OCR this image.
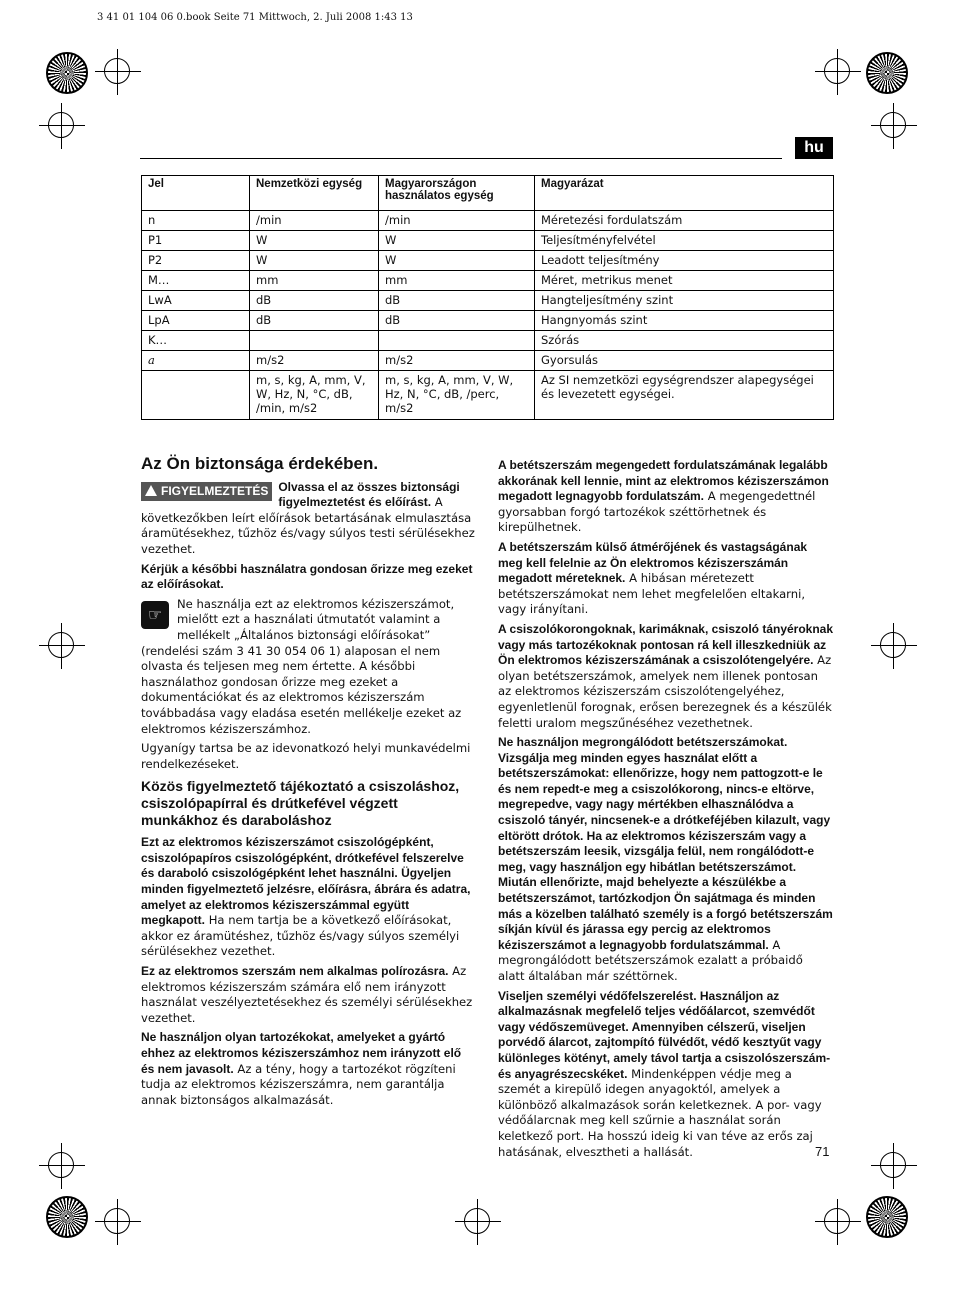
3 41 01 104 06 0.book Seite 71 Mittwoch, 2. Juli 2008 1:43 13
hu
Jel	Nemzetközi egység	Magyarországon használatos egység	Magyarázat
n	/min	/min	Méretezési fordulatszám
P1	W	W	Teljesítményfelvétel
P2	W	W	Leadott teljesítmény
M…	mm	mm	Méret, metrikus menet
LwA	dB	dB	Hangteljesítmény szint
LpA	dB	dB	Hangnyomás szint
K…			Szórás
a	m/s2	m/s2	Gyorsulás
	m, s, kg, A, mm, V, W, Hz, N, °C, dB, /min, m/s2	m, s, kg, A, mm, V, W, Hz, N, °C, dB, /perc, m/s2	Az SI nemzetközi egységrendszer alapegységei és levezetett egységei.
Az Ön biztonsága érdekében.

FIGYELMEZTETÉS Olvassa el az összes biztonsági figyelmeztetést és előírást. A következőkben leírt előírások betartásának elmulasztása áramütésekhez, tűzhöz és/vagy súlyos testi sérülésekhez vezethet.

Kérjük a későbbi használatra gondosan őrizze meg ezeket az előírásokat.

☞
Ne használja ezt az elektromos kéziszerszámot, mielőtt ezt a használati útmutatót valamint a mellékelt „Általános biztonsági előírásokat” (rendelési szám 3 41 30 054 06 1) alaposan el nem olvasta és teljesen meg nem értette. A későbbi használathoz gondosan őrizze meg ezeket a dokumentációkat és az elektromos kéziszerszám továbbadása vagy eladása esetén mellékelje ezeket az elektromos kéziszerszámhoz.

Ugyanígy tartsa be az idevonatkozó helyi munkavédelmi rendelkezéseket.

Közös figyelmeztető tájékoztató a csiszoláshoz, csiszolópapírral és drútkefével végzett munkákhoz és daraboláshoz

Ezt az elektromos kéziszerszámot csiszológépként, csiszolópapíros csiszológépként, drótkefével felszerelve és daraboló csiszológépként lehet használni. Ügyeljen minden figyelmeztető jelzésre, előírásra, ábrára és adatra, amelyet az elektromos kéziszerszámmal együtt megkapott. Ha nem tartja be a következő előírásokat, akkor ez áramütéshez, tűzhöz és/vagy súlyos személyi sérülésekhez vezethet.

Ez az elektromos szerszám nem alkalmas polírozásra. Az elektromos kéziszerszám számára elő nem irányzott használat veszélyeztetésekhez és személyi sérülésekhez vezethet.

Ne használjon olyan tartozékokat, amelyeket a gyártó ehhez az elektromos kéziszerszámhoz nem irányzott elő és nem javasolt. Az a tény, hogy a tartozékot rögzíteni tudja az elektromos kéziszerszámra, nem garantálja annak biztonságos alkalmazását.

A betétszerszám megengedett fordulatszámának legalább akkorának kell lennie, mint az elektromos kéziszerszámon megadott legnagyobb fordulatszám. A megengedettnél gyorsabban forgó tartozékok széttörhetnek és kirepülhetnek.

A betétszerszám külső átmérőjének és vastagságának meg kell felelnie az Ön elektromos kéziszerszámán megadott méreteknek. A hibásan méretezett betétszerszámokat nem lehet megfelelően eltakarni, vagy irányítani.

A csiszolókorongoknak, karimáknak, csiszoló tányéroknak vagy más tartozékoknak pontosan rá kell illeszkedniük az Ön elektromos kéziszerszámának a csiszolótengelyére. Az olyan betétszerszámok, amelyek nem illenek pontosan az elektromos kéziszerszám csiszolótengelyéhez, egyenletlenül forognak, erősen berezegnek és a készülék feletti uralom megszűnéséhez vezethetnek.

Ne használjon megrongálódott betétszerszámokat. Vizsgálja meg minden egyes használat előtt a betétszerszámokat: ellenőrizze, hogy nem pattogzott-e le és nem repedt-e meg a csiszolókorong, nincs-e eltörve, megrepedve, vagy nagy mértékben elhasználódva a csiszoló tányér, nincsenek-e a drótkeféjében kilazult, vagy eltörött drótok. Ha az elektromos kéziszerszám vagy a betétszerszám leesik, vizsgálja felül, nem rongálódott-e meg, vagy használjon egy hibátlan betétszerszámot. Miután ellenőrizte, majd behelyezte a készülékbe a betétszerszámot, tartózkodjon Ön sajátmaga és minden más a közelben található személy is a forgó betétszerszám síkján kívül és járassa egy percig az elektromos kéziszerszámot a legnagyobb fordulatszámmal. A megrongálódott betétszerszámok ezalatt a próbaidő alatt általában már széttörnek.

Viseljen személyi védőfelszerelést. Használjon az alkalmazásnak megfelelő teljes védőálarcot, szemvédőt vagy védőszemüveget. Amennyiben célszerű, viseljen porvédő álarcot, zajtompító fülvédőt, védő kesztyűt vagy különleges kötényt, amely távol tartja a csiszolószerszám-és anyagrészecskéket. Mindenképpen védje meg a szemét a kirepülő idegen anyagoktól, amelyek a különböző alkalmazások során keletkeznek. A por- vagy védőálarcnak meg kell szűrnie a használat során keletkező port. Ha hosszú ideig ki van téve az erős zaj hatásának, elvesztheti a hallását.	71
